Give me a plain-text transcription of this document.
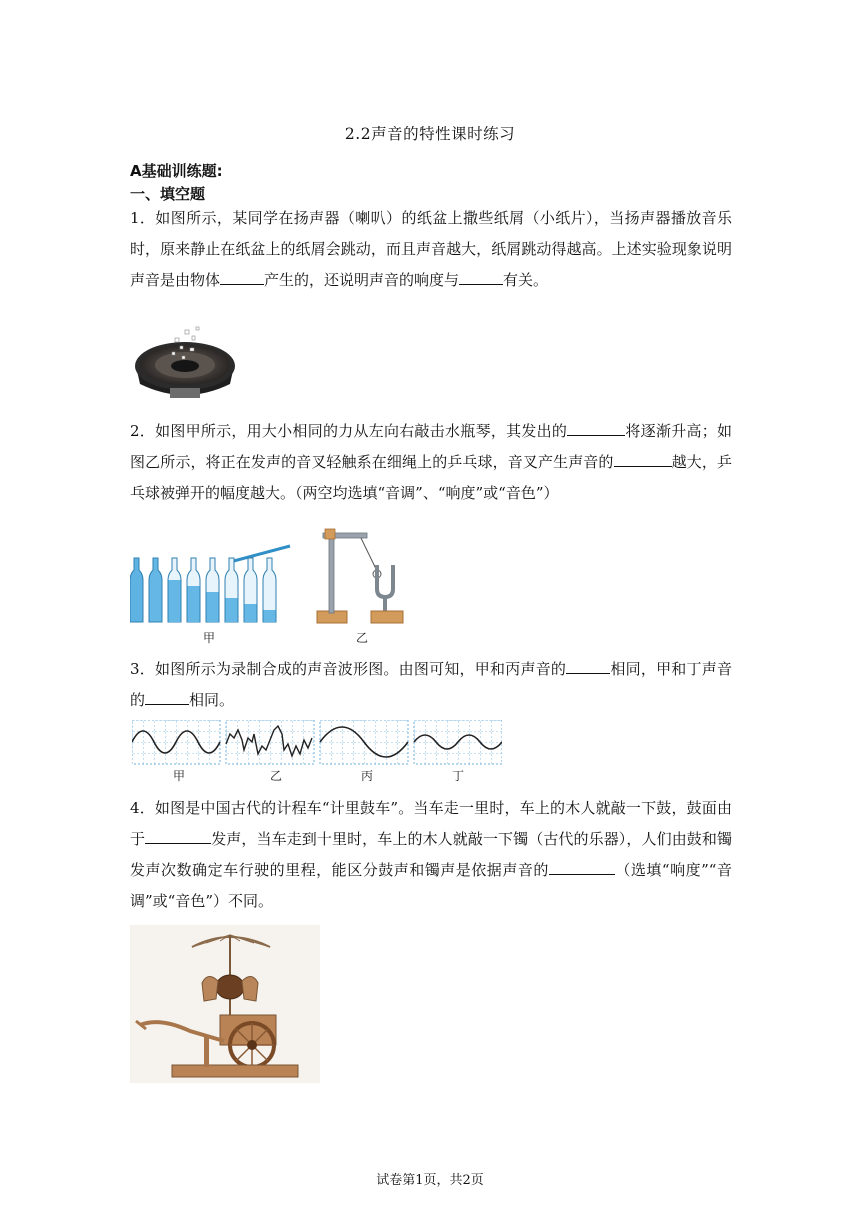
2.2声音的特性课时练习
A基础训练题:
一、填空题
1．如图所示，某同学在扬声器（喇叭）的纸盆上撒些纸屑（小纸片），当扬声器播放音乐时，原来静止在纸盆上的纸屑会跳动，而且声音越大，纸屑跳动得越高。上述实验现象说明声音是由物体	产生的，还说明声音的响度与	有关。
2．如图甲所示，用大小相同的力从左向右敲击水瓶琴，其发出的	将逐渐升高；如图乙所示，将正在发声的音叉轻触系在细绳上的乒乓球，音叉产生声音的	越大，乒乓球被弹开的幅度越大。（两空均选填“音调”、“响度”或“音色”）
甲	乙
3．如图所示为录制合成的声音波形图。由图可知，甲和丙声音的	相同，甲和丁声音的	相同。
甲	乙	丙	丁
4．如图是中国古代的计程车“计里鼓车”。当车走一里时，车上的木人就敲一下鼓，鼓面由于	发声，当车走到十里时，车上的木人就敲一下镯（古代的乐器），人们由鼓和镯发声次数确定车行驶的里程，能区分鼓声和镯声是依据声音的	（选填“响度”“音调”或“音色”）不同。
试卷第1页，共2页
